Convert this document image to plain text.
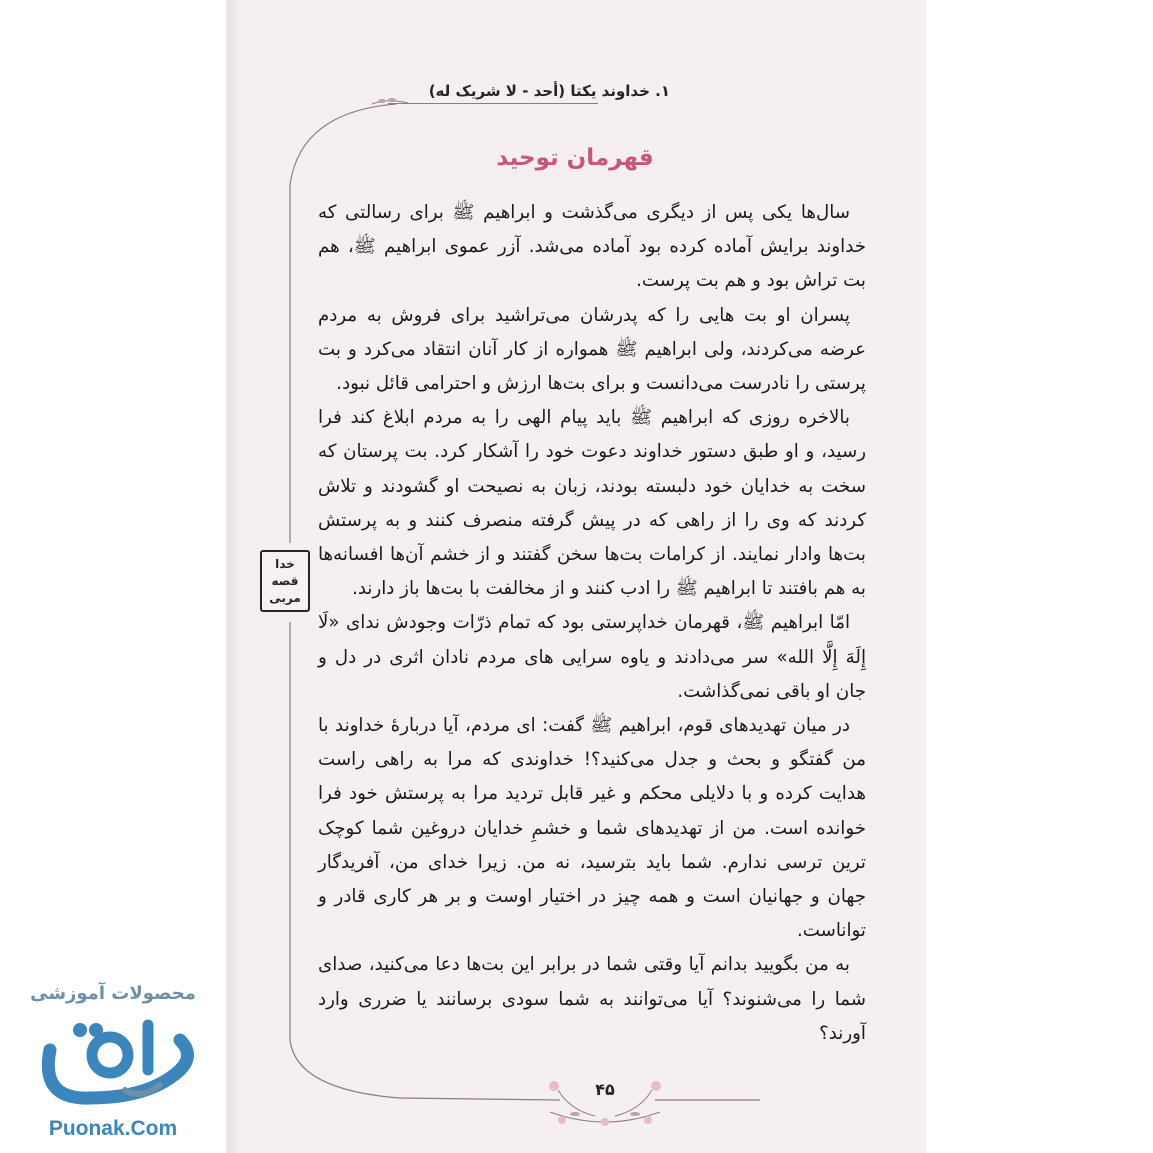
۱. خداوند یکتا (أحد - لا شریک له)
قهرمان توحید

سال‌ها یکی پس از دیگری می‌گذشت و ابراهیم ﷺ برای رسالتی که خداوند برایش آماده کرده بود آماده می‌شد. آزر عموی ابراهیم ﷺ، هم بت تراش بود و هم بت پرست.

پسران او بت هایی را که پدرشان می‌تراشید برای فروش به مردم عرضه می‌کردند، ولی ابراهیم ﷺ همواره از کار آنان انتقاد می‌کرد و بت پرستی را نادرست می‌دانست و برای بت‌ها ارزش و احترامی قائل نبود.

بالاخره روزی که ابراهیم ﷺ باید پیام الهی را به مردم ابلاغ کند فرا رسید، و او طبق دستور خداوند دعوت خود را آشکار کرد. بت پرستان که سخت به خدایان خود دلبسته بودند، زبان به نصیحت او گشودند و تلاش کردند که وی را از راهی که در پیش گرفته منصرف کنند و به پرستش بت‌ها وادار نمایند. از کرامات بت‌ها سخن گفتند و از خشم آن‌ها افسانه‌ها به هم بافتند تا ابراهیم ﷺ را ادب کنند و از مخالفت با بت‌ها باز دارند.

امّا ابراهیم ﷺ، قهرمان خداپرستی بود که تمام ذرّات وجودش ندای «لَا إِلَهَ إِلَّا الله» سر می‌دادند و یاوه سرایی های مردم نادان اثری در دل و جان او باقی نمی‌گذاشت.

در میان تهدیدهای قوم، ابراهیم ﷺ گفت: ای مردم، آیا دربارهٔ خداوند با من گفتگو و بحث و جدل می‌کنید؟! خداوندی که مرا به راهی راست هدایت کرده و با دلایلی محکم و غیر قابل تردید مرا به پرستش خود فرا خوانده است. من از تهدیدهای شما و خشمِ خدایان دروغین شما کوچک ترین ترسی ندارم. شما باید بترسید، نه من. زیرا خدای من، آفریدگار جهان و جهانیان است و همه چیز در اختیار اوست و بر هر کاری قادر و تواناست.

به من بگویید بدانم آیا وقتی شما در برابر این بت‌ها دعا می‌کنید، صدای شما را می‌شنوند؟ آیا می‌توانند به شما سودی برسانند یا ضرری وارد آورند؟

خدا
قصه
مربی
۴۵
محصولات آموزشی
Puonak.Com
